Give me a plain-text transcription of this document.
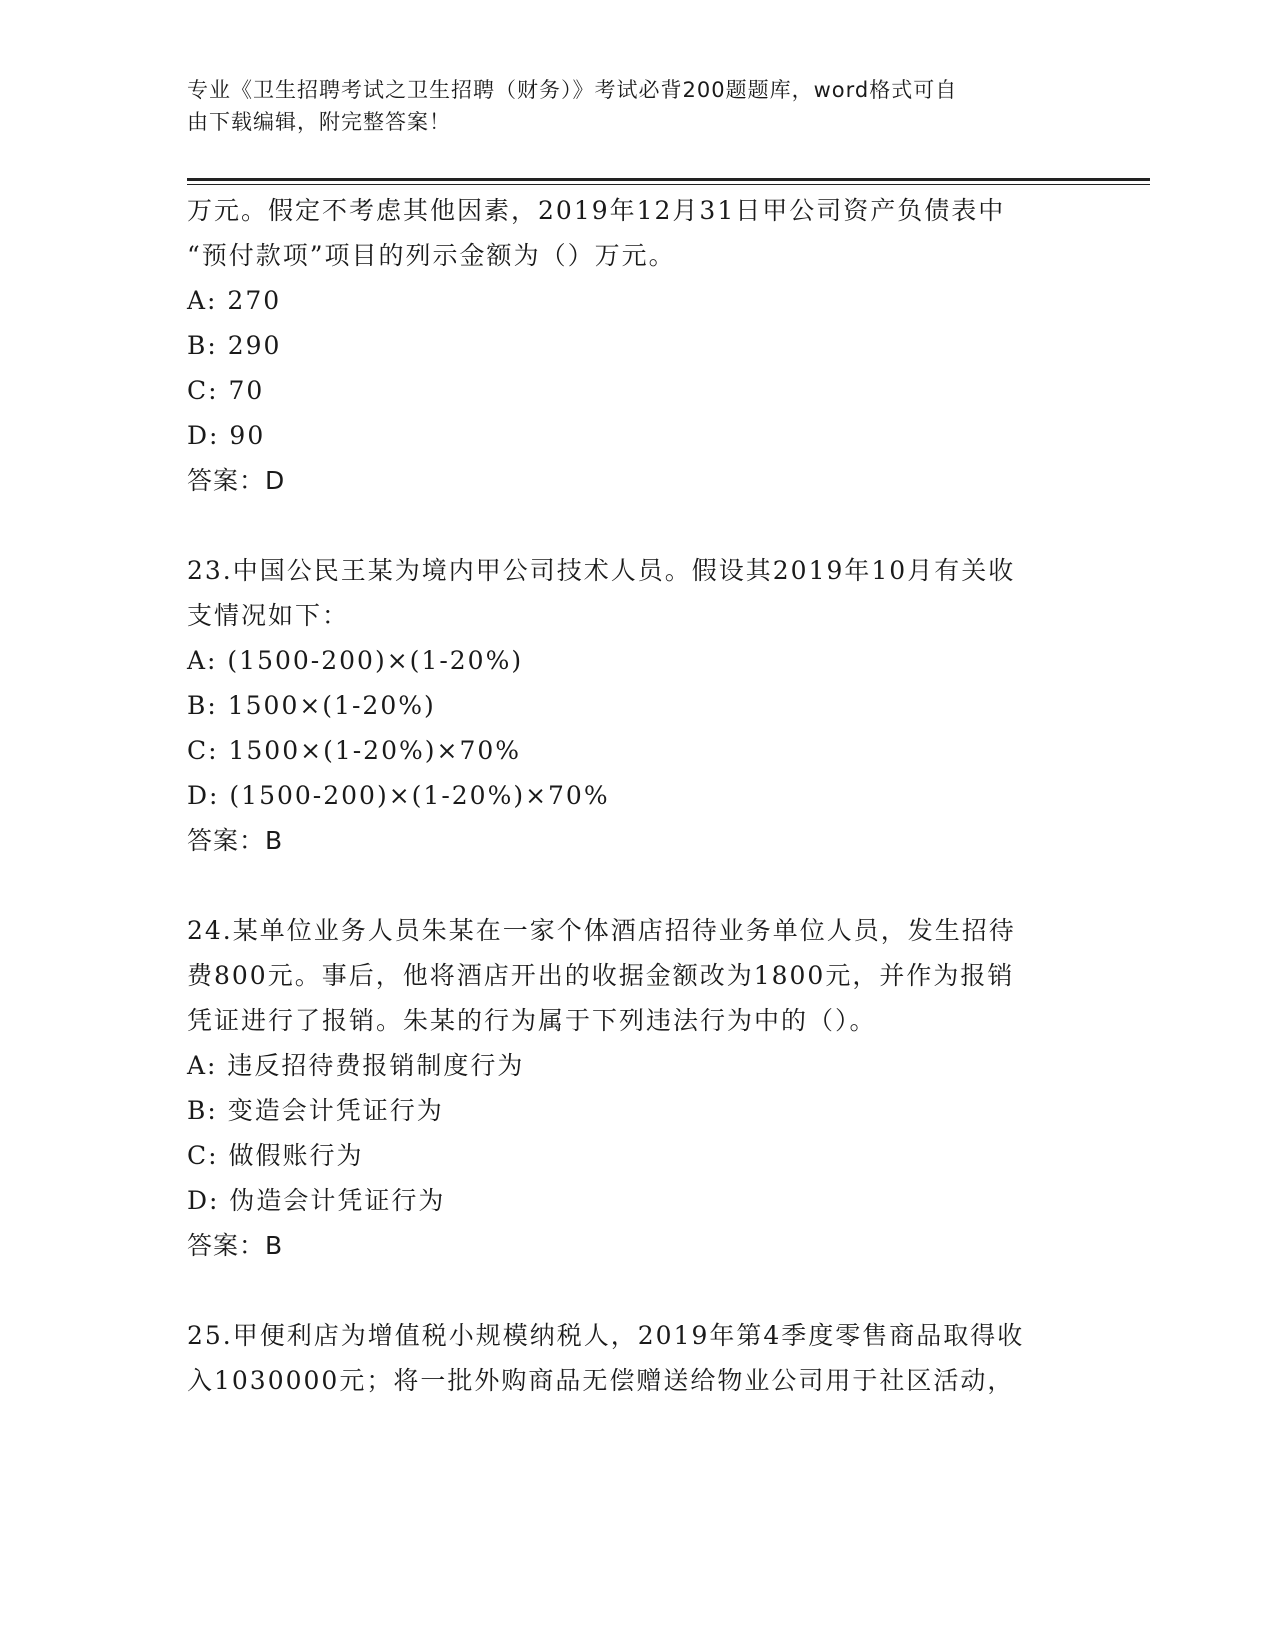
专业《卫生招聘考试之卫生招聘（财务）》考试必背200题题库，word格式可自
由下载编辑，附完整答案！
万元。假定不考虑其他因素，2019年12月31日甲公司资产负债表中
“预付款项”项目的列示金额为（）万元。
A: 270
B: 290
C: 70
D: 90
答案：D
23.中国公民王某为境内甲公司技术人员。假设其2019年10月有关收
支情况如下：
A: (1500-200)×(1-20%)
B: 1500×(1-20%)
C: 1500×(1-20%)×70%
D: (1500-200)×(1-20%)×70%
答案：B
24.某单位业务人员朱某在一家个体酒店招待业务单位人员，发生招待
费800元。事后，他将酒店开出的收据金额改为1800元，并作为报销
凭证进行了报销。朱某的行为属于下列违法行为中的（）。
A: 违反招待费报销制度行为
B: 变造会计凭证行为
C: 做假账行为
D: 伪造会计凭证行为
答案：B
25.甲便利店为增值税小规模纳税人，2019年第4季度零售商品取得收
入1030000元；将一批外购商品无偿赠送给物业公司用于社区活动，
